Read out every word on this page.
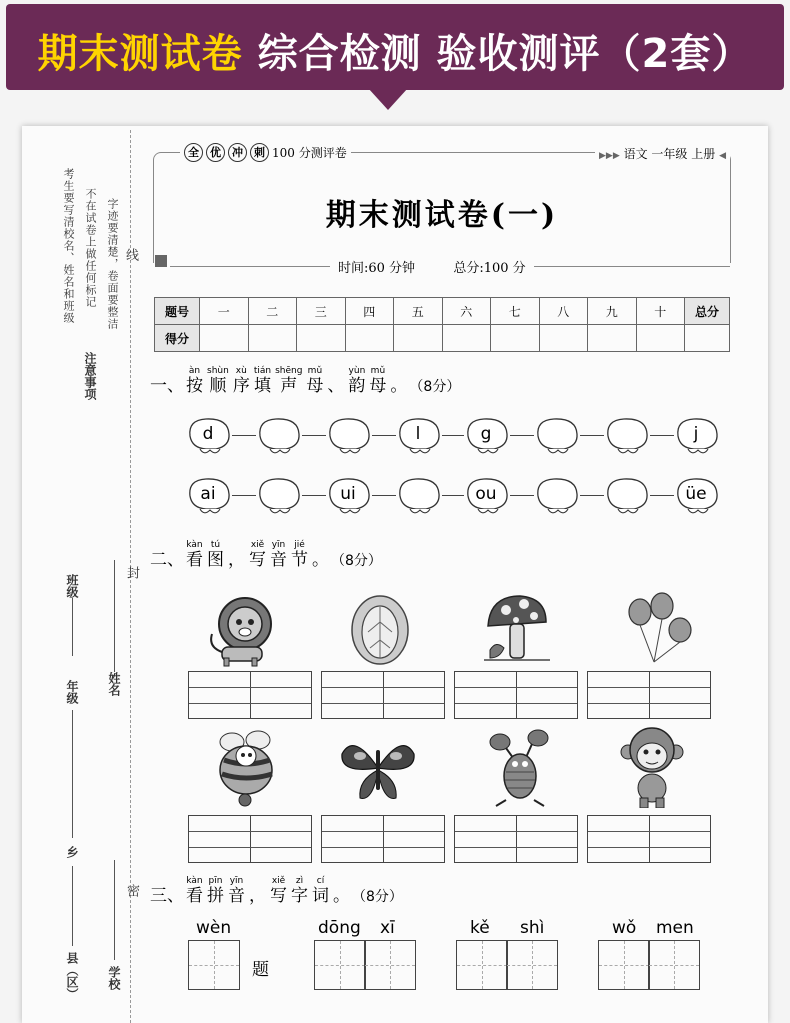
期末测试卷 综合检测 验收测评（2套）
考生要写清校名、姓名和班级 不在试卷上做任何标记 字迹要清楚，卷面要整洁
注意事项
线
封
密
班级
年级 姓名
乡
县（区） 学校
全	优	冲	刺 100 分测评卷	▶▶▶ 语文 一年级 上册 ◀
期末测试卷(一)
时间:60 分钟	总分:100 分
题号	一	二	三	四	五	六	七	八	九	十	总分
得分											
一、
àn
按
shùn
顺
xù
序
tián
填
shēng
声
mǔ
母 、
yùn
韵
mǔ
母 。 （8分）
d	l	g	j
ai	ui	ou	üe
二、
kàn
看
tú
图 ，
xiě
写
yīn
音
jié
节 。 （8分）
三、
kàn
看
pīn
拼
yīn
音 ，
xiě
写
zì
字
cí
词 。 （8分）
wèn	dōng xī	kě shì	wǒ men
题
